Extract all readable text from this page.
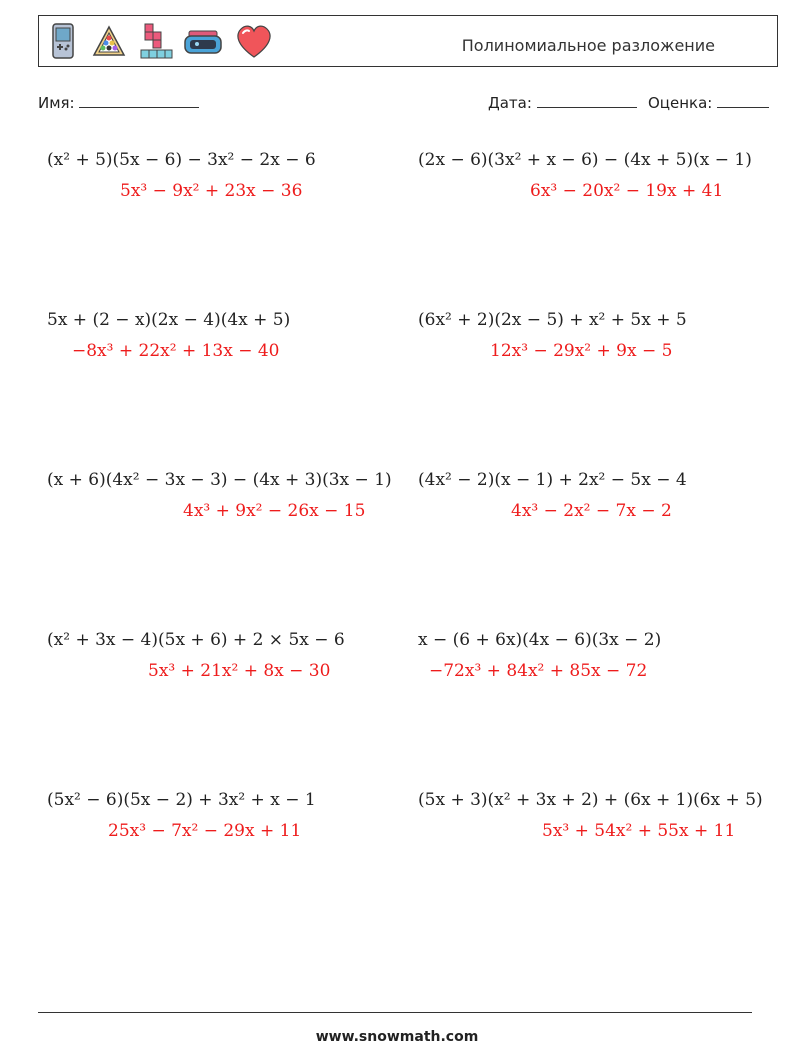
Полиномиальное разложение
Имя:	Дата:	Оценка:
(x² + 5)(5x − 6) − 3x² − 2x − 6
5x³ − 9x² + 23x − 36
(2x − 6)(3x² + x − 6) − (4x + 5)(x − 1)
6x³ − 20x² − 19x + 41
5x + (2 − x)(2x − 4)(4x + 5)
−8x³ + 22x² + 13x − 40
(6x² + 2)(2x − 5) + x² + 5x + 5
12x³ − 29x² + 9x − 5
(x + 6)(4x² − 3x − 3) − (4x + 3)(3x − 1)
4x³ + 9x² − 26x − 15
(4x² − 2)(x − 1) + 2x² − 5x − 4
4x³ − 2x² − 7x − 2
(x² + 3x − 4)(5x + 6) + 2 × 5x − 6
5x³ + 21x² + 8x − 30
x − (6 + 6x)(4x − 6)(3x − 2)
−72x³ + 84x² + 85x − 72
(5x² − 6)(5x − 2) + 3x² + x − 1
25x³ − 7x² − 29x + 11
(5x + 3)(x² + 3x + 2) + (6x + 1)(6x + 5)
5x³ + 54x² + 55x + 11
www.snowmath.com
